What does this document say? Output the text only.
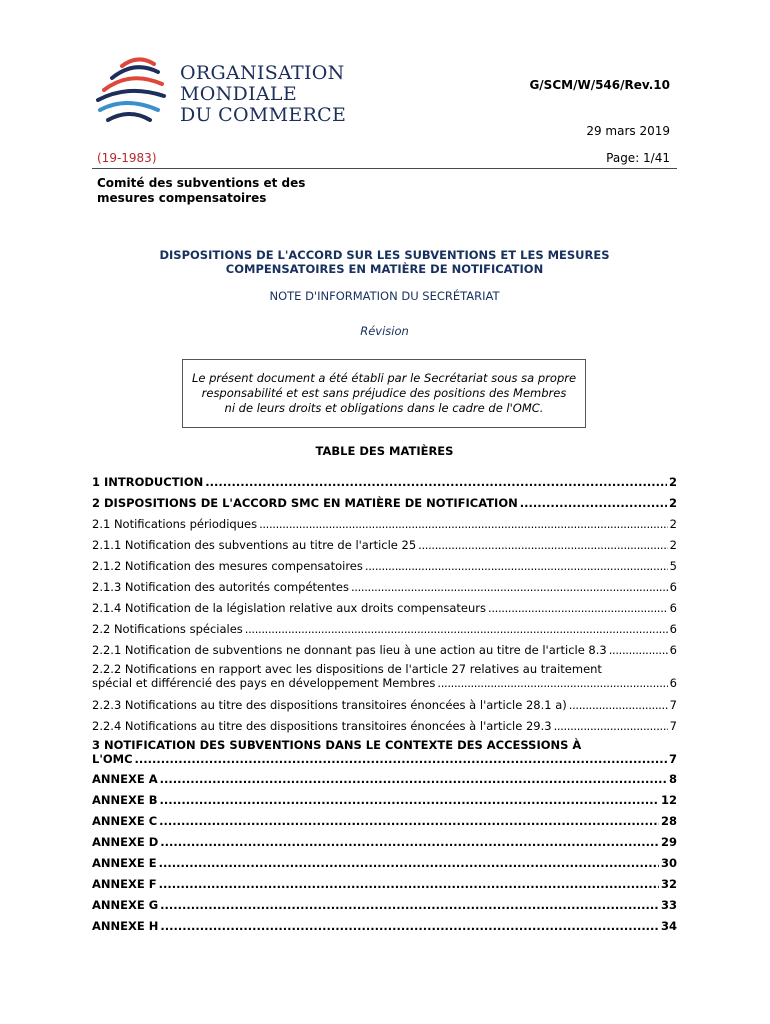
ORGANISATION
MONDIALE
DU COMMERCE
G/SCM/W/546/Rev.10
29 mars 2019
(19-1983)	Page: 1/41
Comité des subventions et des
mesures compensatoires
DISPOSITIONS DE L'ACCORD SUR LES SUBVENTIONS ET LES MESURES
COMPENSATOIRES EN MATIÈRE DE NOTIFICATION
NOTE D'INFORMATION DU SECRÉTARIAT
Révision
Le présent document a été établi par le Secrétariat sous sa propre
responsabilité et est sans préjudice des positions des Membres
ni de leurs droits et obligations dans le cadre de l'OMC.
TABLE DES MATIÈRES
1 INTRODUCTION . . .	2
2 DISPOSITIONS DE L'ACCORD SMC EN MATIÈRE DE NOTIFICATION . . .	2
2.1 Notifications périodiques . . .	2
2.1.1 Notification des subventions au titre de l'article 25 . . .	2
2.1.2 Notification des mesures compensatoires . . .	5
2.1.3 Notification des autorités compétentes . . .	6
2.1.4 Notification de la législation relative aux droits compensateurs . . .	6
2.2 Notifications spéciales . . .	6
2.2.1 Notification de subventions ne donnant pas lieu à une action au titre de l'article 8.3 . . .	6
2.2.2 Notifications en rapport avec les dispositions de l'article 27 relatives au traitement
spécial et différencié des pays en développement Membres . . .	6
2.2.3 Notifications au titre des dispositions transitoires énoncées à l'article 28.1 a) . . .	7
2.2.4 Notifications au titre des dispositions transitoires énoncées à l'article 29.3 . . .	7
3 NOTIFICATION DES SUBVENTIONS DANS LE CONTEXTE DES ACCESSIONS À
L'OMC . . .	7
ANNEXE A . . .	8
ANNEXE B . . .	12
ANNEXE C . . .	28
ANNEXE D . . .	29
ANNEXE E . . .	30
ANNEXE F . . .	32
ANNEXE G . . .	33
ANNEXE H . . .	34
